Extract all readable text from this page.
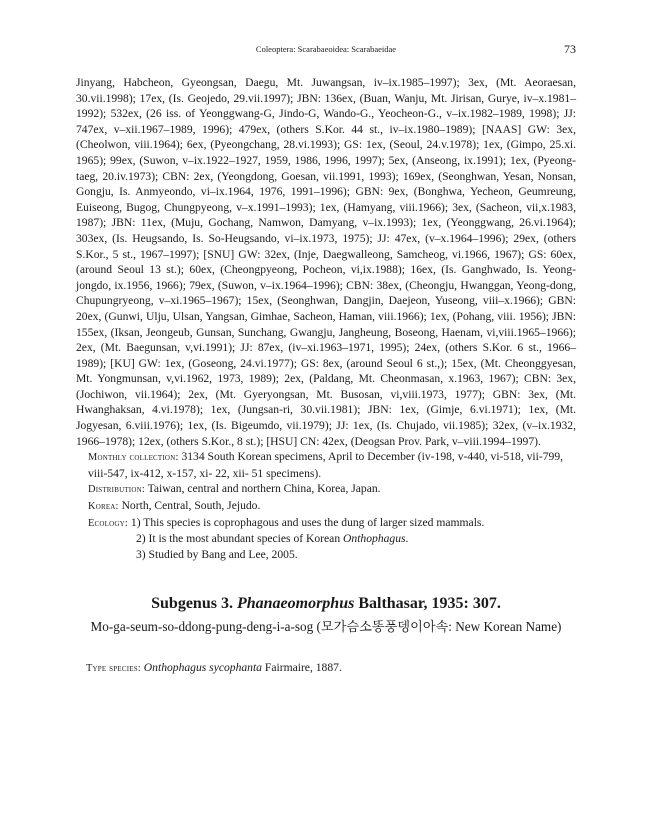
Coleoptera: Scarabaeoidea: Scarabaeidae	73

Jinyang, Habcheon, Gyeongsan, Daegu, Mt. Juwangsan, iv–ix.1985–1997); 3ex, (Mt. Aeoraesan, 30.vii.1998); 17ex, (Is. Geojedo, 29.vii.1997); JBN: 136ex, (Buan, Wanju, Mt. Jirisan, Gurye, iv–x.1981–1992); 532ex, (26 iss. of Yeonggwang-G, Jindo-G, Wando-G., Yeocheon-G., v–ix.1982–1989, 1998); JJ: 747ex, v–xii.1967–1989, 1996); 479ex, (others S.Kor. 44 st., iv–ix.1980–1989); [NAAS] GW: 3ex, (Cheolwon, viii.1964); 6ex, (Pyeongchang, 28.vi.1993); GS: 1ex, (Seoul, 24.v.1978); 1ex, (Gimpo, 25.xi. 1965); 99ex, (Suwon, v–ix.1922–1927, 1959, 1986, 1996, 1997); 5ex, (Anseong, ix.1991); 1ex, (Pyeong-taeg, 20.iv.1973); CBN: 2ex, (Yeongdong, Goesan, vii.1991, 1993); 169ex, (Seonghwan, Yesan, Nonsan, Gongju, Is. Anmyeondo, vi–ix.1964, 1976, 1991–1996); GBN: 9ex, (Bonghwa, Yecheon, Geumreung, Euiseong, Bugog, Chungpyeong, v–x.1991–1993); 1ex, (Hamyang, viii.1966); 3ex, (Sacheon, vii,x.1983, 1987); JBN: 11ex, (Muju, Gochang, Namwon, Damyang, v–ix.1993); 1ex, (Yeonggwang, 26.vi.1964); 303ex, (Is. Heugsando, Is. So-Heugsando, vi–ix.1973, 1975); JJ: 47ex, (v–x.1964–1996); 29ex, (others S.Kor., 5 st., 1967–1997); [SNU] GW: 32ex, (Inje, Daegwalleong, Samcheog, vi.1966, 1967); GS: 60ex, (around Seoul 13 st.); 60ex, (Cheongpyeong, Pocheon, vi,ix.1988); 16ex, (Is. Ganghwado, Is. Yeong-jongdo, ix.1956, 1966); 79ex, (Suwon, v–ix.1964–1996); CBN: 38ex, (Cheongju, Hwanggan, Yeong-dong, Chupungryeong, v–xi.1965–1967); 15ex, (Seonghwan, Dangjin, Daejeon, Yuseong, viii–x.1966); GBN: 20ex, (Gunwi, Ulju, Ulsan, Yangsan, Gimhae, Sacheon, Haman, viii.1966); 1ex, (Pohang, viii. 1956); JBN: 155ex, (Iksan, Jeongeub, Gunsan, Sunchang, Gwangju, Jangheung, Boseong, Haenam, vi,viii.1965–1966); 2ex, (Mt. Baegunsan, v,vi.1991); JJ: 87ex, (iv–xi.1963–1971, 1995); 24ex, (others S.Kor. 6 st., 1966– 1989); [KU] GW: 1ex, (Goseong, 24.vi.1977); GS: 8ex, (around Seoul 6 st.,); 15ex, (Mt. Cheonggyesan, Mt. Yongmunsan, v,vi.1962, 1973, 1989); 2ex, (Paldang, Mt. Cheonmasan, x.1963, 1967); CBN: 3ex, (Jochiwon, vii.1964); 2ex, (Mt. Gyeryongsan, Mt. Busosan, vi,viii.1973, 1977); GBN: 3ex, (Mt. Hwanghaksan, 4.vi.1978); 1ex, (Jungsan-ri, 30.vii.1981); JBN: 1ex, (Gimje, 6.vi.1971); 1ex, (Mt. Jogyesan, 6.viii.1976); 1ex, (Is. Bigeumdo, vii.1979); JJ: 1ex, (Is. Chujado, vii.1985); 32ex, (v–ix.1932, 1966–1978); 12ex, (others S.Kor., 8 st.); [HSU] CN: 42ex, (Deogsan Prov. Park, v–viii.1994–1997).

Monthly collection: 3134 South Korean specimens, April to December (iv-198, v-440, vi-518, vii-799, viii-547, ix-412, x-157, xi- 22, xii- 51 specimens).

Distribution: Taiwan, central and northern China, Korea, Japan.

Korea: North, Central, South, Jejudo.

Ecology: 1) This species is coprophagous and uses the dung of larger sized mammals.

2) It is the most abundant species of Korean Onthophagus.

3) Studied by Bang and Lee, 2005.

Subgenus 3. Phanaeomorphus Balthasar, 1935: 307.
Mo-ga-seum-so-ddong-pung-deng-i-a-sog (모가슴소똥풍뎅이아속: New Korean Name)
Type species: Onthophagus sycophanta Fairmaire, 1887.
